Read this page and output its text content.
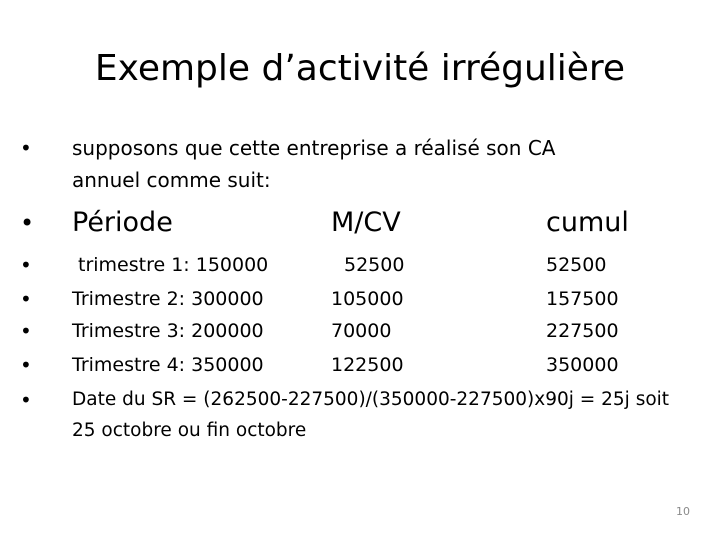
Exemple d’activité irrégulière
• supposons que cette entreprise a réalisé son CA
annuel comme suit:
• Période	M/CV	cumul
• trimestre 1: 150000	52500	52500
• Trimestre 2: 300000	105000	157500
• Trimestre 3: 200000	70000	227500
• Trimestre 4: 350000	122500	350000
• Date du SR = (262500-227500)/(350000-227500)x90j = 25j soit
25 octobre ou fin octobre
10
